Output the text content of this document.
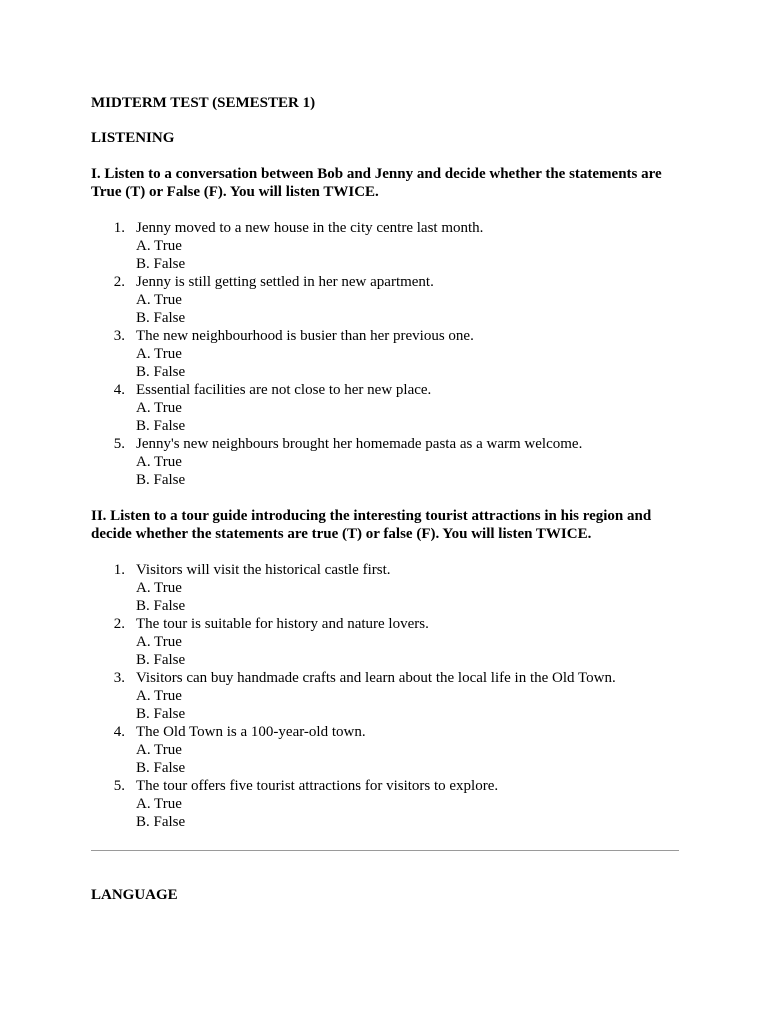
MIDTERM TEST (SEMESTER 1)
LISTENING
I. Listen to a conversation between Bob and Jenny and decide whether the statements are True (T) or False (F). You will listen TWICE.
1. Jenny moved to a new house in the city centre last month.
A. True
B. False
2. Jenny is still getting settled in her new apartment.
A. True
B. False
3. The new neighbourhood is busier than her previous one.
A. True
B. False
4. Essential facilities are not close to her new place.
A. True
B. False
5. Jenny's new neighbours brought her homemade pasta as a warm welcome.
A. True
B. False
II. Listen to a tour guide introducing the interesting tourist attractions in his region and decide whether the statements are true (T) or false (F). You will listen TWICE.
1. Visitors will visit the historical castle first.
A. True
B. False
2. The tour is suitable for history and nature lovers.
A. True
B. False
3. Visitors can buy handmade crafts and learn about the local life in the Old Town.
A. True
B. False
4. The Old Town is a 100-year-old town.
A. True
B. False
5. The tour offers five tourist attractions for visitors to explore.
A. True
B. False
LANGUAGE
